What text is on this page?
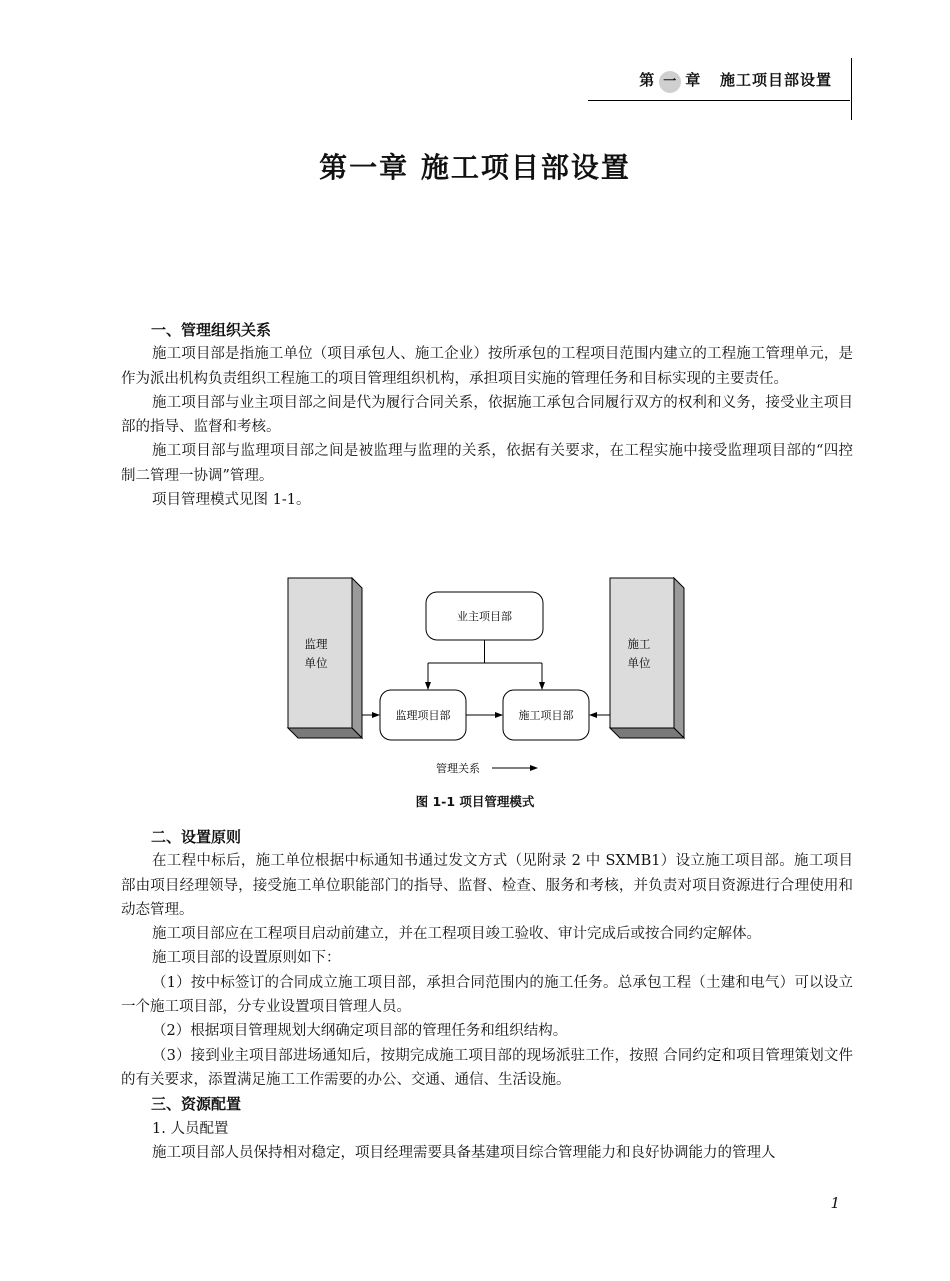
第 一 章 施工项目部设置
第一章 施工项目部设置
一、管理组织关系

施工项目部是指施工单位（项目承包人、施工企业）按所承包的工程项目范围内建立的工程施工管理单元，是作为派出机构负责组织工程施工的项目管理组织机构，承担项目实施的管理任务和目标实现的主要责任。

施工项目部与业主项目部之间是代为履行合同关系，依据施工承包合同履行双方的权利和义务，接受业主项目部的指导、监督和考核。

施工项目部与监理项目部之间是被监理与监理的关系，依据有关要求，在工程实施中接受监理项目部的“四控制二管理一协调”管理。

项目管理模式见图 1-1。

监理
单位
施工
单位
业主项目部
监理项目部	施工项目部
管理关系
图 1-1 项目管理模式
二、设置原则

在工程中标后，施工单位根据中标通知书通过发文方式（见附录 2 中 SXMB1）设立施工项目部。施工项目部由项目经理领导，接受施工单位职能部门的指导、监督、检查、服务和考核，并负责对项目资源进行合理使用和动态管理。

施工项目部应在工程项目启动前建立，并在工程项目竣工验收、审计完成后或按合同约定解体。

施工项目部的设置原则如下：

（1）按中标签订的合同成立施工项目部，承担合同范围内的施工任务。总承包工程（土建和电气）可以设立一个施工项目部，分专业设置项目管理人员。

（2）根据项目管理规划大纲确定项目部的管理任务和组织结构。

（3）接到业主项目部进场通知后，按期完成施工项目部的现场派驻工作，按照 合同约定和项目管理策划文件的有关要求，添置满足施工工作需要的办公、交通、通信、生活设施。

三、资源配置
1. 人员配置

施工项目部人员保持相对稳定，项目经理需要具备基建项目综合管理能力和良好协调能力的管理人

1
